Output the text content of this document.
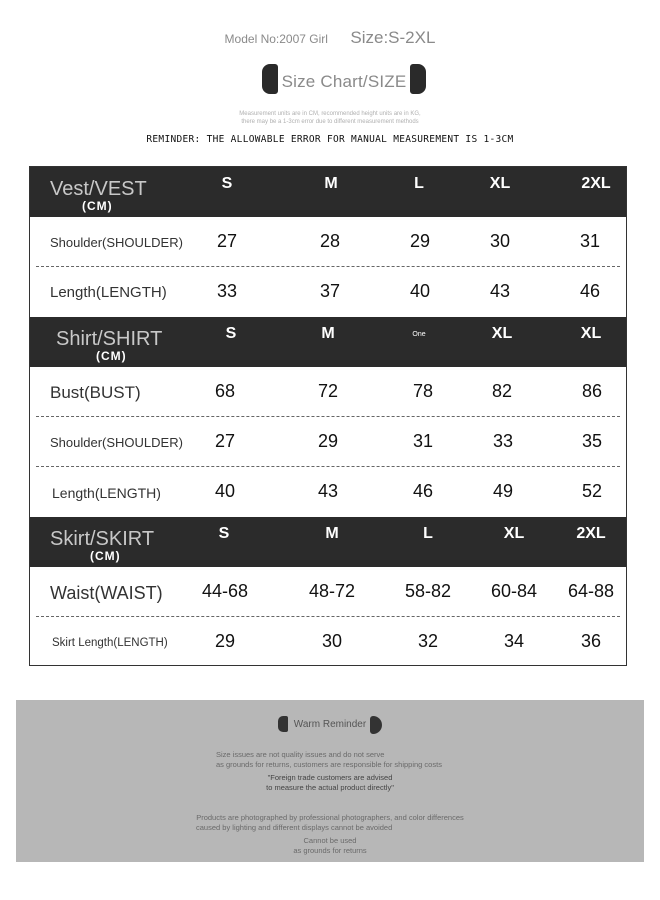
Model No:2007 Girl Size:S-2XL
Size Chart/SIZE
Measurement units are in CM, recommended height units are in KG,
there may be a 1-3cm error due to different measurement methods
REMINDER: THE ALLOWABLE ERROR FOR MANUAL MEASUREMENT IS 1-3CM
Vest/VEST
(CM)
S	M	L	XL	2XL
Shoulder(SHOULDER)	27	28	29	30	31
Length(LENGTH)	33	37	40	43	46
Shirt/SHIRT
(CM)
S	M	One	XL	XL
Bust(BUST)	68	72	78	82	86
Shoulder(SHOULDER)	27	29	31	33	35
Length(LENGTH)	40	43	46	49	52
Skirt/SKIRT
(CM)
S	M	L	XL	2XL
Waist(WAIST)	44-68	48-72	58-82	60-84	64-88
Skirt Length(LENGTH)	29	30	32	34	36
Warm Reminder
Size issues are not quality issues and do not serve
as grounds for returns, customers are responsible for shipping costs
"Foreign trade customers are advised
to measure the actual product directly"
Products are photographed by professional photographers, and color differences
caused by lighting and different displays cannot be avoided
Cannot be used
as grounds for returns
